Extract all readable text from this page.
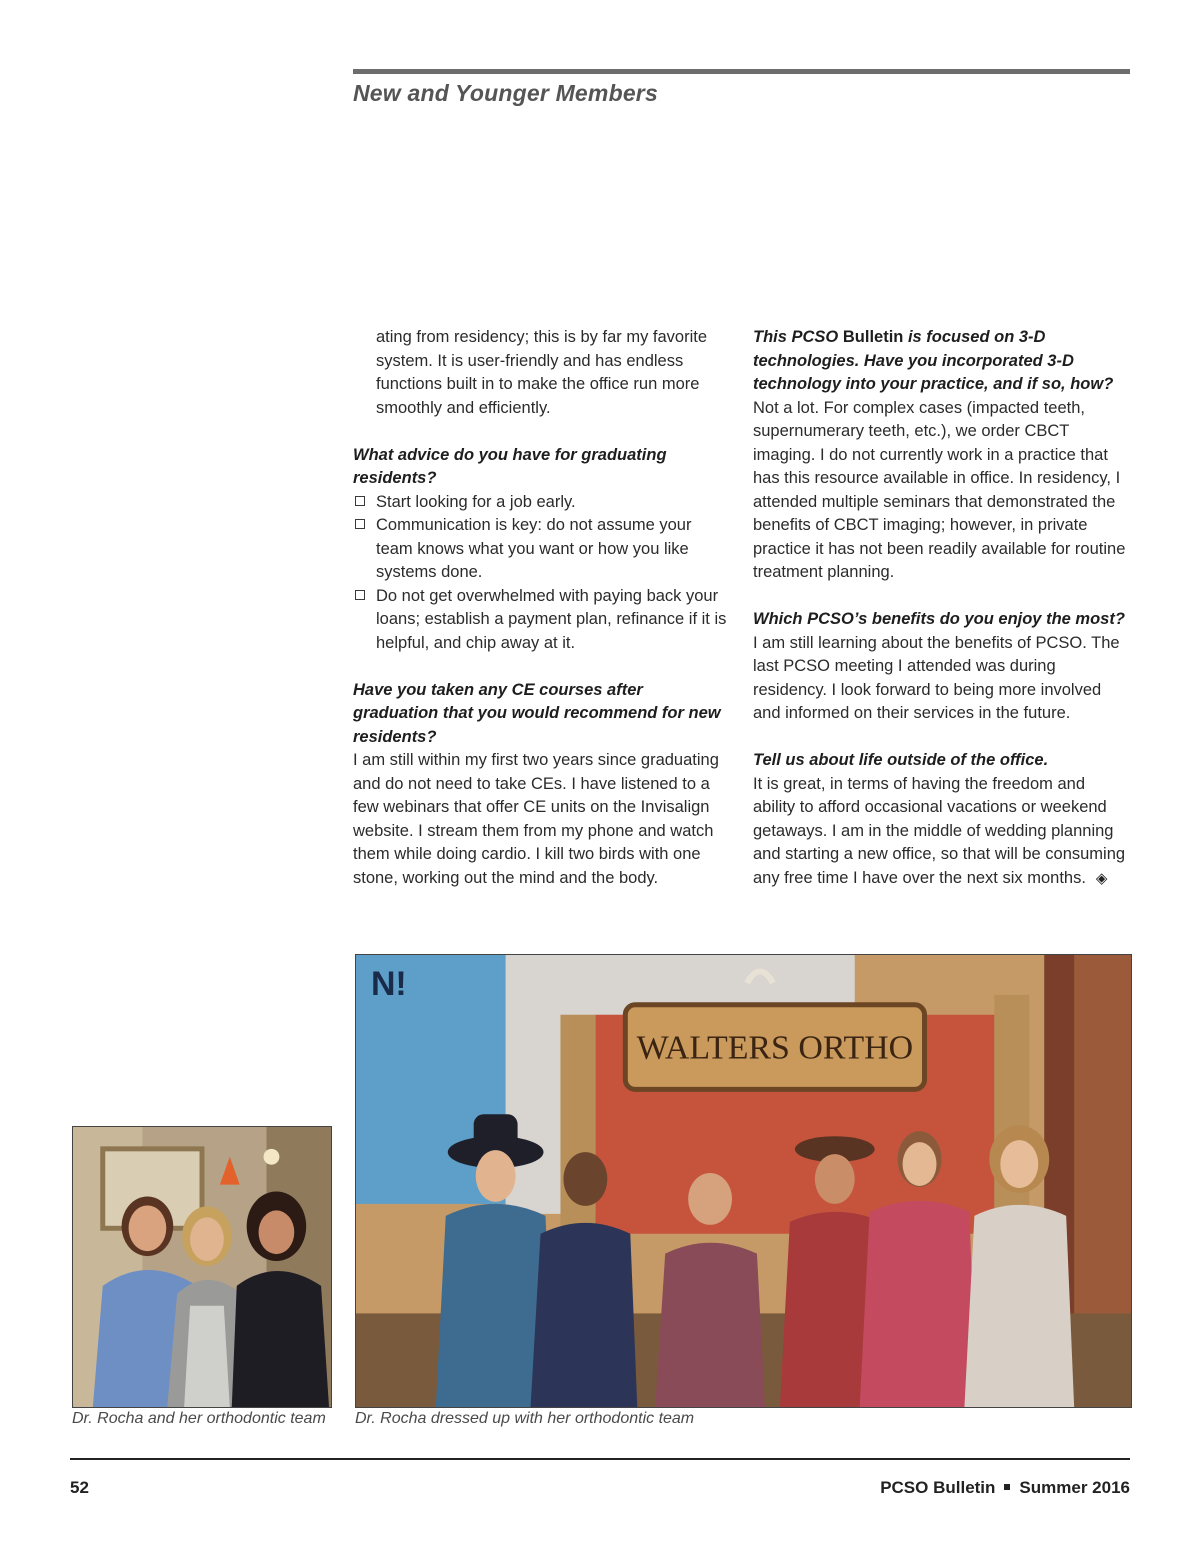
New and Younger Members

ating from residency; this is by far my favorite system. It is user-friendly and has endless functions built in to make the office run more smoothly and efficiently.

What advice do you have for graduating residents?

Start looking for a job early.
Communication is key: do not assume your team knows what you want or how you like systems done.
Do not get overwhelmed with paying back your loans; establish a payment plan, refinance if it is helpful, and chip away at it.

Have you taken any CE courses after graduation that you would recommend for new residents?

I am still within my first two years since graduating and do not need to take CEs. I have listened to a few webinars that offer CE units on the Invisalign website. I stream them from my phone and watch them while doing cardio. I kill two birds with one stone, working out the mind and the body.

This PCSO Bulletin is focused on 3-D technologies. Have you incorporated 3-D technology into your practice, and if so, how?

Not a lot. For complex cases (impacted teeth, supernumerary teeth, etc.), we order CBCT imaging. I do not currently work in a practice that has this resource available in office. In residency, I attended multiple seminars that demonstrated the benefits of CBCT imaging; however, in private practice it has not been readily available for routine treatment planning.

Which PCSO’s benefits do you enjoy the most?

I am still learning about the benefits of PCSO. The last PCSO meeting I attended was during residency. I look forward to being more involved and informed on their services in the future.

Tell us about life outside of the office.

It is great, in terms of having the freedom and ability to afford occasional vacations or weekend getaways. I am in the middle of wedding planning and starting a new office, so that will be consuming any free time I have over the next six months. ◈

N!
WALTERS ORTHO
Dr. Rocha and her orthodontic team Dr. Rocha dressed up with her orthodontic team
52	PCSO Bulletin Summer 2016
